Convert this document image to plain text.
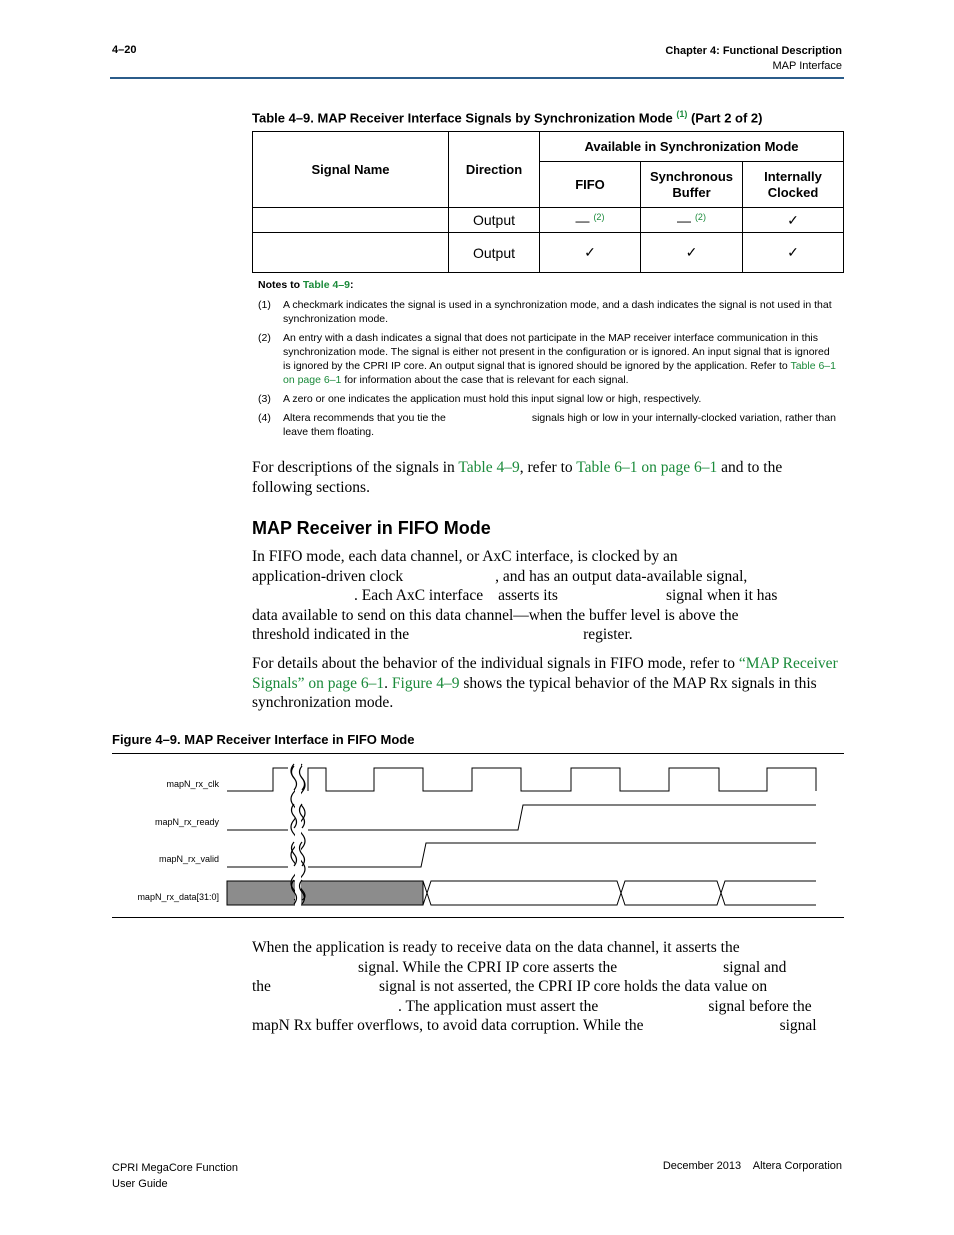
4–20	Chapter 4: Functional Description
MAP Interface
Table 4–9. MAP Receiver Interface Signals by Synchronization Mode $^{(1)}$ (Part 2 of 2)
Signal Name	Direction	Available in Synchronization Mode		
		FIFO	Synchronous Buffer	Internally Clocked
	Output	— $^{(2)}$	— $^{(2)}$	✓
	Output	✓	✓	✓
Notes to Table 4–9:
(1)	A checkmark indicates the signal is used in a synchronization mode, and a dash indicates the signal is not used in that synchronization mode.
(2)	An entry with a dash indicates a signal that does not participate in the MAP receiver interface communication in this synchronization mode. The signal is either not present in the configuration or is ignored. An input signal that is ignored is ignored by the CPRI IP core. An output signal that is ignored should be ignored by the application. Refer to Table 6–1 on page 6–1 for information about the case that is relevant for each signal.
(3)	A zero or one indicates the application must hold this input signal low or high, respectively.
(4)	Altera recommends that you tie the	signals high or low in your internally-clocked variation, rather than leave them floating.
For descriptions of the signals in Table 4–9, refer to Table 6–1 on page 6–1 and to the following sections.
MAP Receiver in FIFO Mode
In FIFO mode, each data channel, or AxC interface, is clocked by an
application-driven clock	, and has an output data-available signal,
. Each AxC interface asserts its	signal when it has
data available to send on this data channel—when the buffer level is above the
threshold indicated in the	register.
For details about the behavior of the individual signals in FIFO mode, refer to “MAP Receiver Signals” on page 6–1. Figure 4–9 shows the typical behavior of the MAP Rx signals in this synchronization mode.
Figure 4–9. MAP Receiver Interface in FIFO Mode
mapN_rx_clk
mapN_rx_ready
mapN_rx_valid
mapN_rx_data[31:0]
When the application is ready to receive data on the data channel, it asserts the
signal. While the CPRI IP core asserts the	signal and
the	signal is not asserted, the CPRI IP core holds the data value on
. The application must assert the	signal before the
mapN Rx buffer overflows, to avoid data corruption. While the	signal
CPRI MegaCore Function
User Guide
December 2013    Altera Corporation
